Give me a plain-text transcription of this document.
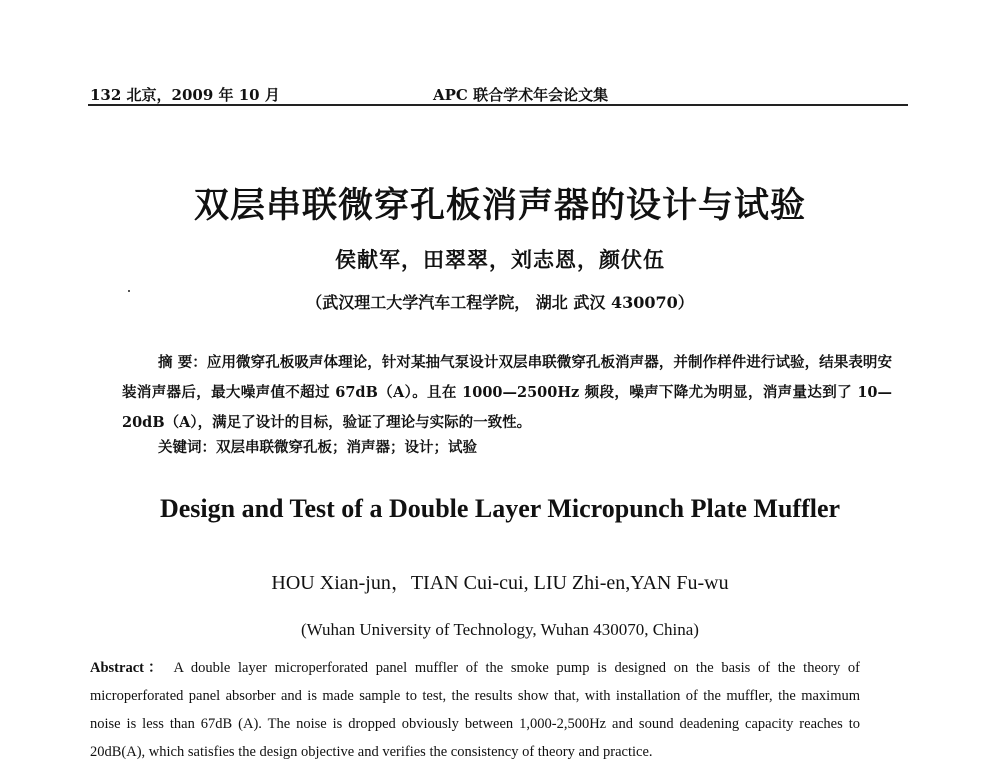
132 北京，2009 年 10 月	APC 联合学术年会论文集
双层串联微穿孔板消声器的设计与试验
侯献军，田翠翠，刘志恩，颜伏伍
（武汉理工大学汽车工程学院， 湖北 武汉 430070）
摘 要：应用微穿孔板吸声体理论，针对某抽气泵设计双层串联微穿孔板消声器，并制作样件进行试验，结果表明安装消声器后，最大噪声值不超过 67dB（A）。且在 1000—2500Hz 频段，噪声下降尤为明显，消声量达到了 10—20dB（A），满足了设计的目标，验证了理论与实际的一致性。
关键词：双层串联微穿孔板；消声器；设计；试验
Design and Test of a Double Layer Micropunch Plate Muffler
HOU Xian-jun，TIAN Cui-cui, LIU Zhi-en,YAN Fu-wu
(Wuhan University of Technology, Wuhan 430070, China)
Abstract： A double layer microperforated panel muffler of the smoke pump is designed on the basis of the theory of microperforated panel absorber and is made sample to test, the results show that, with installation of the muffler, the maximum noise is less than 67dB (A). The noise is dropped obviously between 1,000-2,500Hz and sound deadening capacity reaches to 20dB(A), which satisfies the design objective and verifies the consistency of theory and practice.
